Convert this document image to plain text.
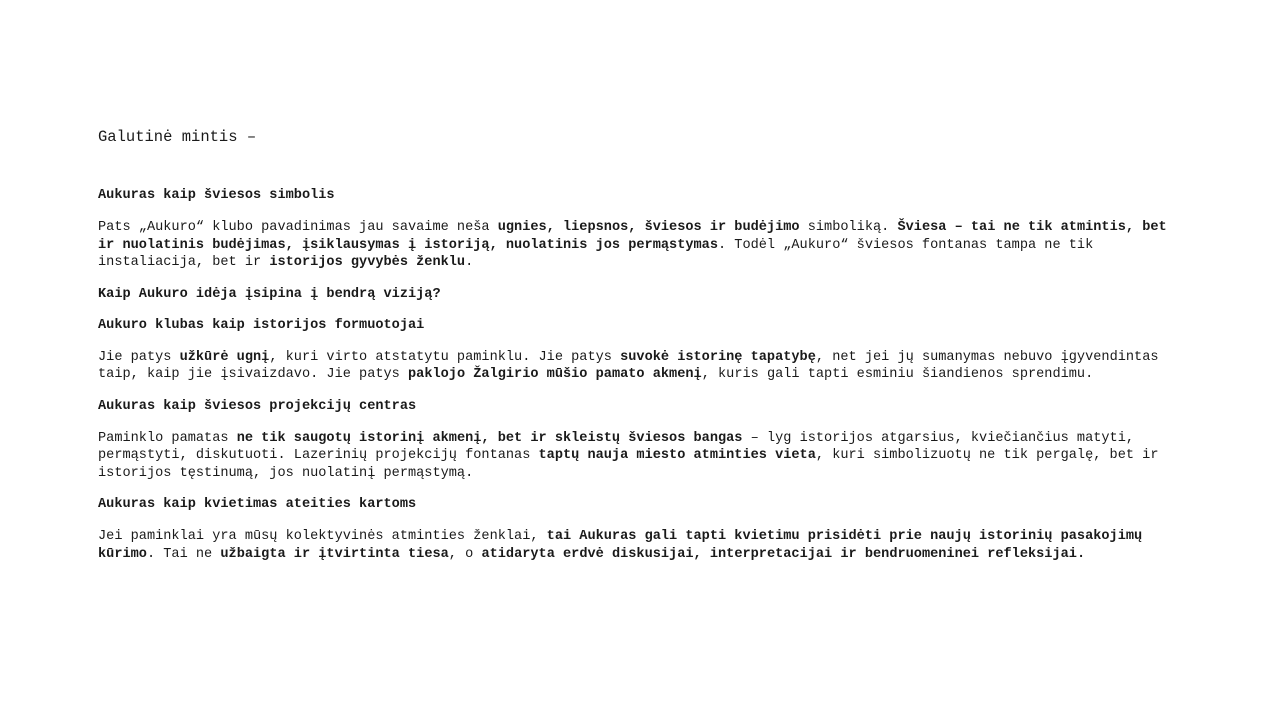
Galutinė mintis –
Aukuras kaip šviesos simbolis

Pats „Aukuro“ klubo pavadinimas jau savaime neša ugnies, liepsnos, šviesos ir budėjimo simboliką. Šviesa – tai ne tik atmintis, bet ir nuolatinis budėjimas, įsiklausymas į istoriją, nuolatinis jos permąstymas. Todėl „Aukuro“ šviesos fontanas tampa ne tik instaliacija, bet ir istorijos gyvybės ženklu.

Kaip Aukuro idėja įsipina į bendrą viziją?
Aukuro klubas kaip istorijos formuotojai

Jie patys užkūrė ugnį, kuri virto atstatytu paminklu. Jie patys suvokė istorinę tapatybę, net jei jų sumanymas nebuvo įgyvendintas taip, kaip jie įsivaizdavo. Jie patys paklojo Žalgirio mūšio pamato akmenį, kuris gali tapti esminiu šiandienos sprendimu.

Aukuras kaip šviesos projekcijų centras

Paminklo pamatas ne tik saugotų istorinį akmenį, bet ir skleistų šviesos bangas – lyg istorijos atgarsius, kviečiančius matyti, permąstyti, diskutuoti. Lazerinių projekcijų fontanas taptų nauja miesto atminties vieta, kuri simbolizuotų ne tik pergalę, bet ir istorijos tęstinumą, jos nuolatinį permąstymą.

Aukuras kaip kvietimas ateities kartoms

Jei paminklai yra mūsų kolektyvinės atminties ženklai, tai Aukuras gali tapti kvietimu prisidėti prie naujų istorinių pasakojimų kūrimo. Tai ne užbaigta ir įtvirtinta tiesa, o atidaryta erdvė diskusijai, interpretacijai ir bendruomeninei refleksijai.
